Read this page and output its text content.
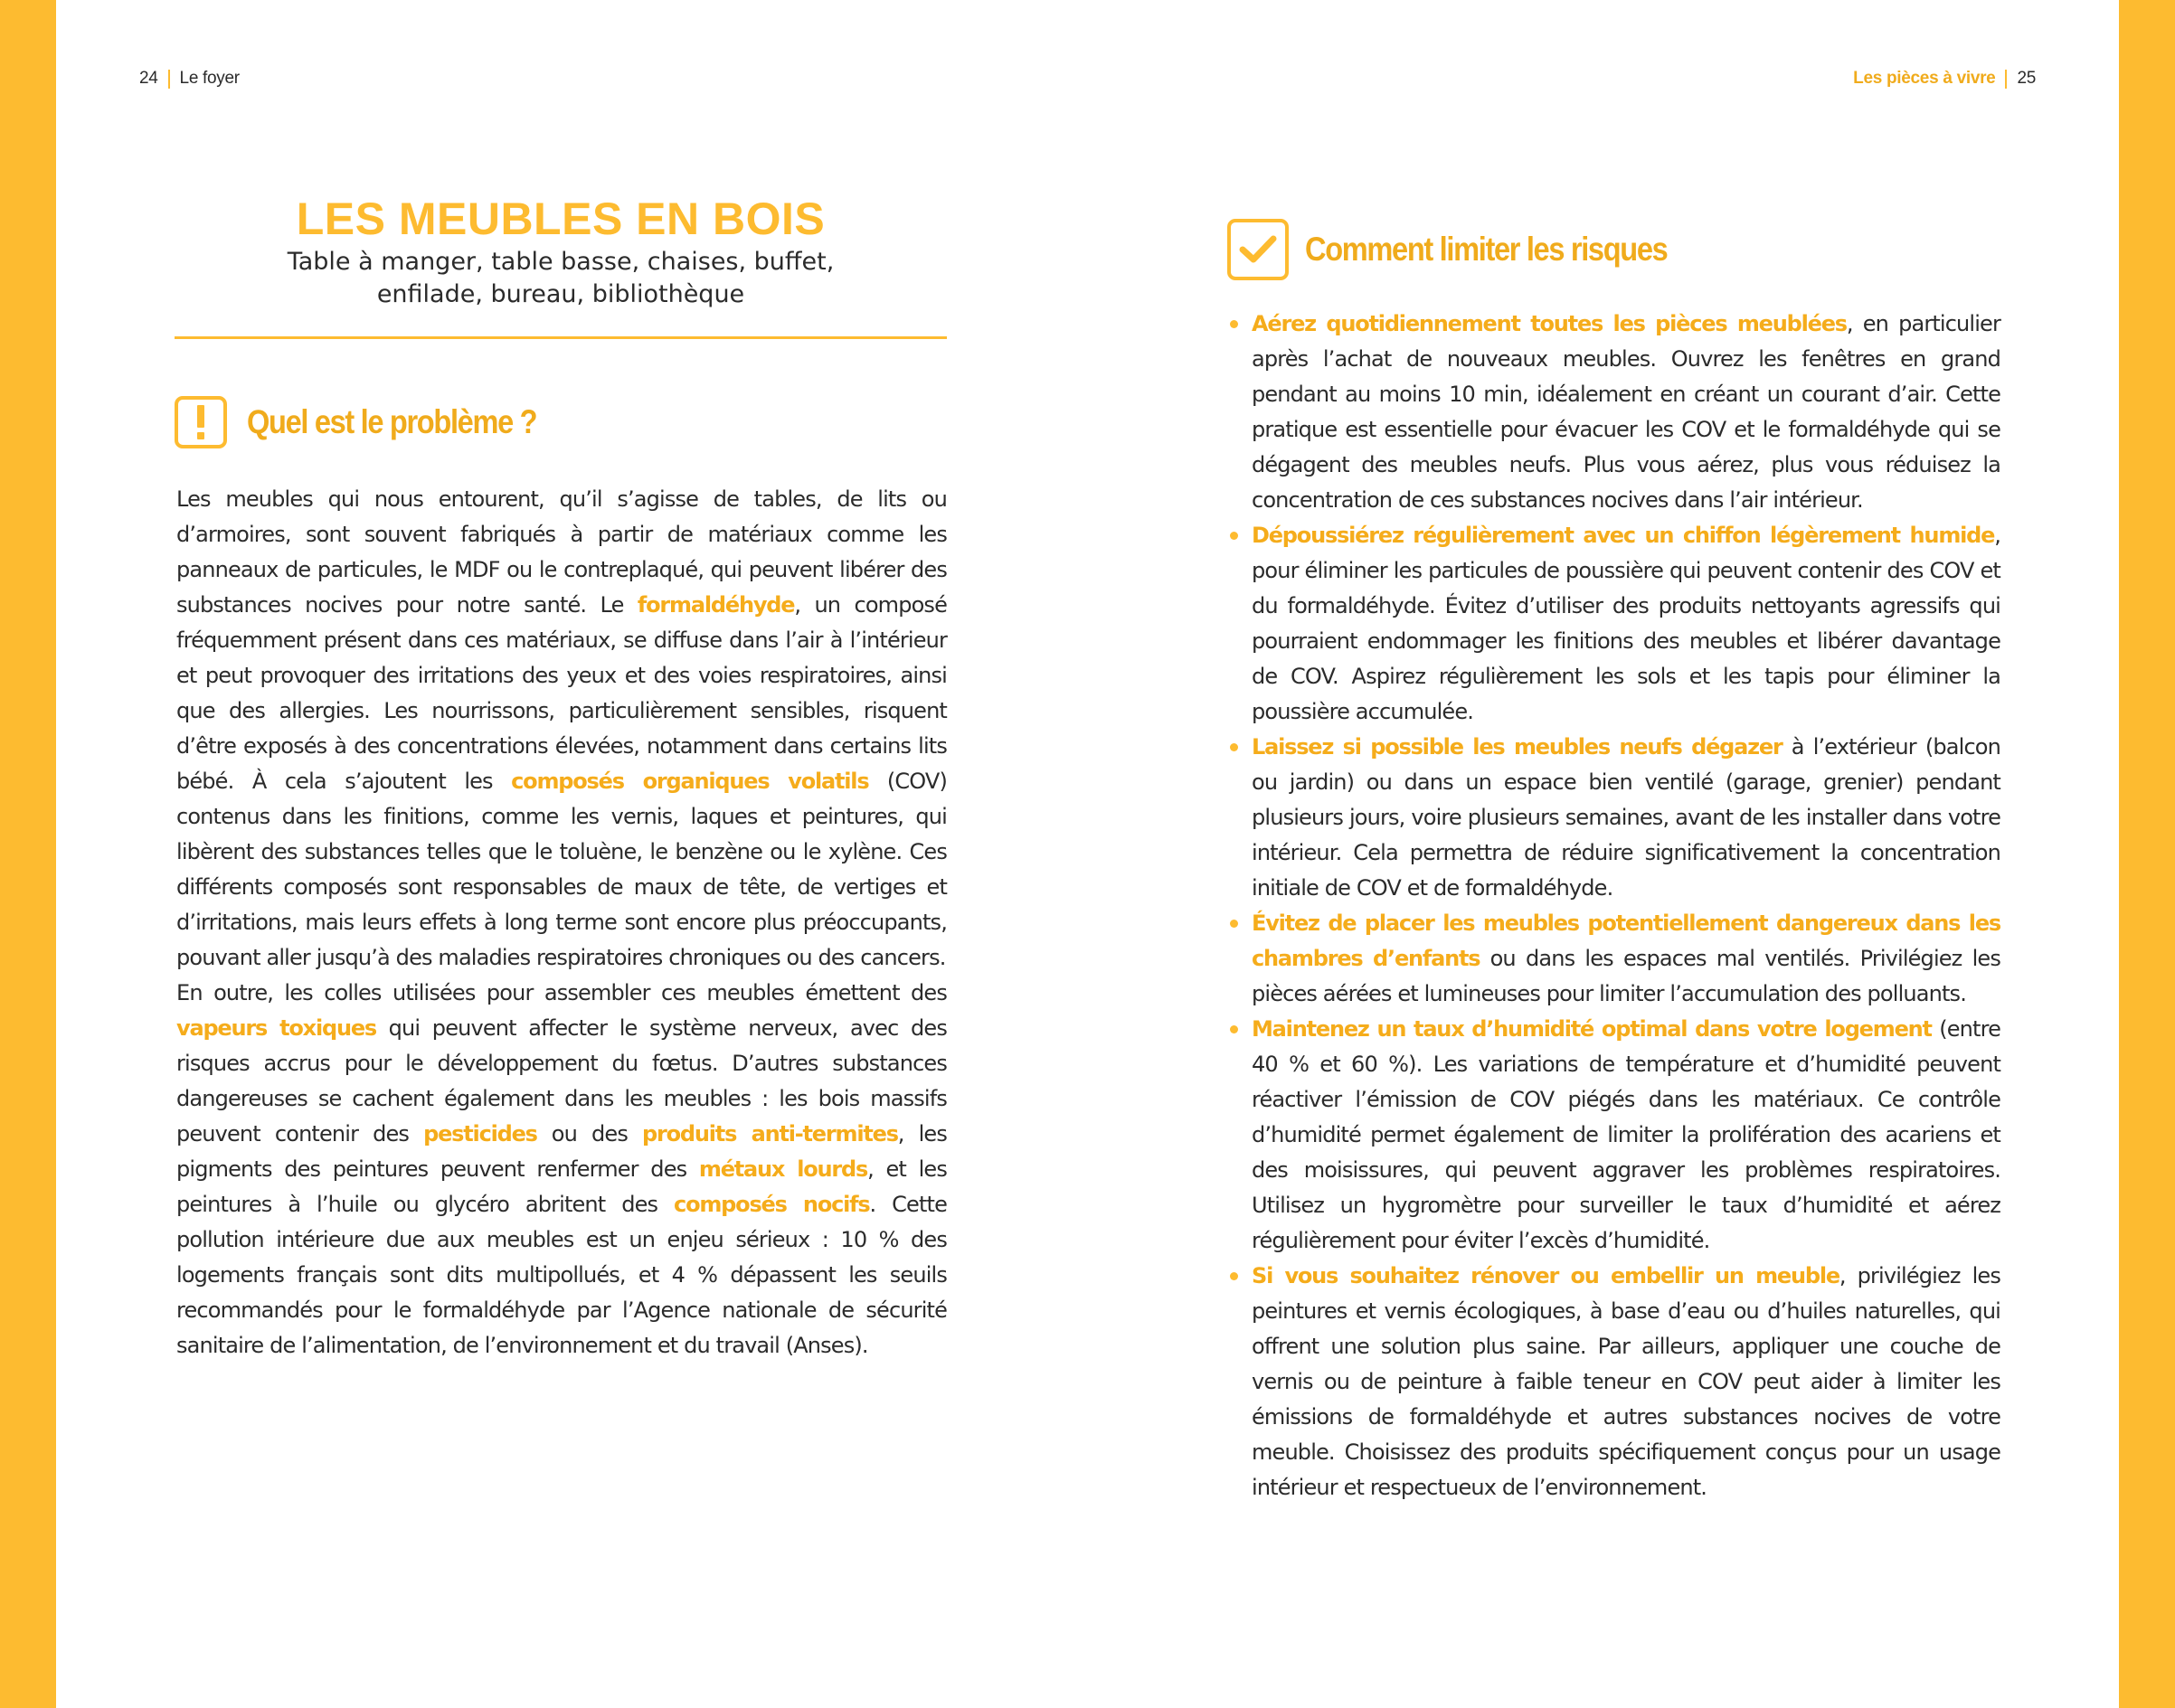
24 Le foyer	Les pièces à vivre 25
LES MEUBLES EN BOIS
Table à manger, table basse, chaises, buffet,
enfilade, bureau, bibliothèque
Quel est le problème ?

Les meubles qui nous entourent, qu’il s’agisse de tables, de lits ou d’armoires, sont souvent fabriqués à partir de matériaux comme les panneaux de particules, le MDF ou le contreplaqué, qui peuvent libérer des substances nocives pour notre santé. Le formaldéhyde, un composé fréquemment présent dans ces matériaux, se diffuse dans l’air à l’intérieur et peut provoquer des irritations des yeux et des voies respiratoires, ainsi que des allergies. Les nourrissons, particulièrement sensibles, risquent d’être exposés à des concentrations élevées, notamment dans certains lits bébé. À cela s’ajoutent les composés organiques volatils (COV) contenus dans les finitions, comme les vernis, laques et peintures, qui libèrent des substances telles que le toluène, le benzène ou le xylène. Ces différents composés sont responsables de maux de tête, de vertiges et d’irritations, mais leurs effets à long terme sont encore plus préoccupants, pouvant aller jusqu’à des maladies respiratoires chroniques ou des cancers.

En outre, les colles utilisées pour assembler ces meubles émettent des vapeurs toxiques qui peuvent affecter le système nerveux, avec des risques accrus pour le développement du fœtus. D’autres substances dangereuses se cachent également dans les meubles : les bois massifs peuvent contenir des pesticides ou des produits anti-termites, les pigments des peintures peuvent renfermer des métaux lourds, et les peintures à l’huile ou glycéro abritent des composés nocifs. Cette pollution intérieure due aux meubles est un enjeu sérieux : 10 % des logements français sont dits multipollués, et 4 % dépassent les seuils recommandés pour le formaldéhyde par l’Agence nationale de sécurité sanitaire de l’alimentation, de l’environnement et du travail (Anses).

Comment limiter les risques
Aérez quotidiennement toutes les pièces meublées, en particulier après l’achat de nouveaux meubles. Ouvrez les fenêtres en grand pendant au moins 10 min, idéalement en créant un courant d’air. Cette pratique est essentielle pour évacuer les COV et le formaldéhyde qui se dégagent des meubles neufs. Plus vous aérez, plus vous réduisez la concentration de ces substances nocives dans l’air intérieur.
Dépoussiérez régulièrement avec un chiffon légèrement humide, pour éliminer les particules de poussière qui peuvent contenir des COV et du formaldéhyde. Évitez d’utiliser des produits nettoyants agressifs qui pourraient endommager les finitions des meubles et libérer davantage de COV. Aspirez régulièrement les sols et les tapis pour éliminer la poussière accumulée.
Laissez si possible les meubles neufs dégazer à l’extérieur (balcon ou jardin) ou dans un espace bien ventilé (garage, grenier) pendant plusieurs jours, voire plusieurs semaines, avant de les installer dans votre intérieur. Cela permettra de réduire significativement la concentration initiale de COV et de formaldéhyde.
Évitez de placer les meubles potentiellement dangereux dans les chambres d’enfants ou dans les espaces mal ventilés. Privilégiez les pièces aérées et lumineuses pour limiter l’accumulation des polluants.
Maintenez un taux d’humidité optimal dans votre logement (entre 40 % et 60 %). Les variations de température et d’humidité peuvent réactiver l’émission de COV piégés dans les matériaux. Ce contrôle d’humidité permet également de limiter la prolifération des acariens et des moisissures, qui peuvent aggraver les problèmes respiratoires. Utilisez un hygromètre pour surveiller le taux d’humidité et aérez régulièrement pour éviter l’excès d’humidité.
Si vous souhaitez rénover ou embellir un meuble, privilégiez les peintures et vernis écologiques, à base d’eau ou d’huiles naturelles, qui offrent une solution plus saine. Par ailleurs, appliquer une couche de vernis ou de peinture à faible teneur en COV peut aider à limiter les émissions de formaldéhyde et autres substances nocives de votre meuble. Choisissez des produits spécifiquement conçus pour un usage intérieur et respectueux de l’environnement.
